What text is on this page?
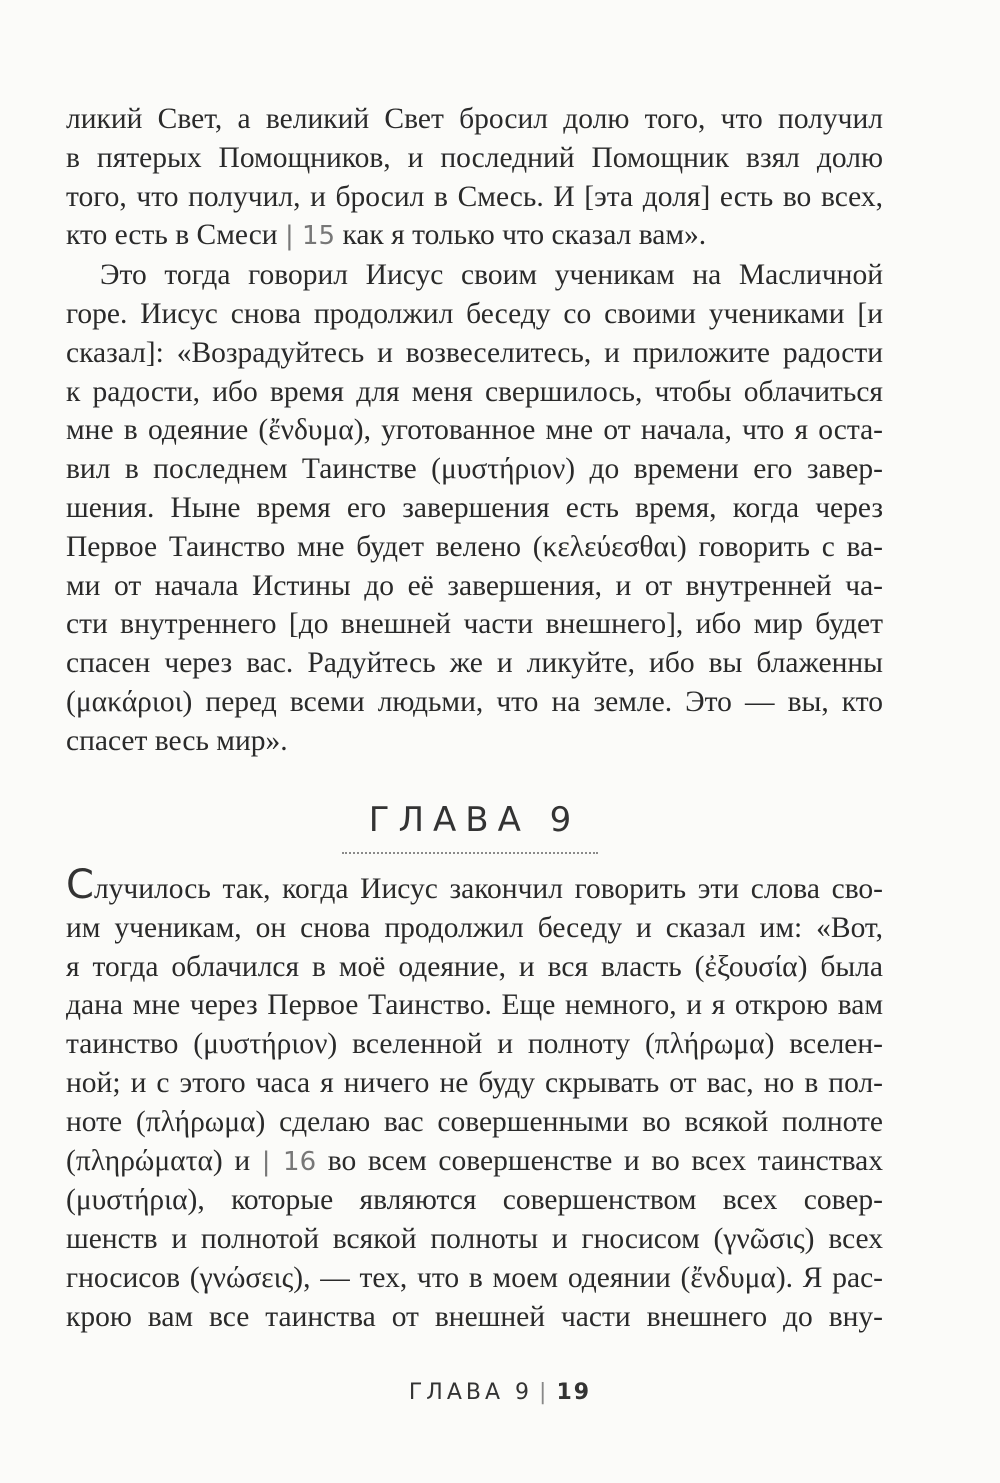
ликий Свет, а великий Свет бросил долю того, что получил
в пятерых Помощников, и последний Помощник взял долю
того, что получил, и бросил в Смесь. И [эта доля] есть во всех,
кто есть в Смеси | 15 как я только что сказал вам».

Это тогда говорил Иисус своим ученикам на Масличной
горе. Иисус снова продолжил беседу со своими учениками [и
сказал]: «Возрадуйтесь и возвеселитесь, и приложите радости
к радости, ибо время для меня свершилось, чтобы облачиться
мне в одеяние (ἔνδυμα), уготованное мне от начала, что я оста-
вил в последнем Таинстве (μυστήριον) до времени его завер-
шения. Ныне время его завершения есть время, когда через
Первое Таинство мне будет велено (κελεύεσθαι) говорить с ва-
ми от начала Истины до её завершения, и от внутренней ча-
сти внутреннего [до внешней части внешнего], ибо мир будет
спасен через вас. Радуйтесь же и ликуйте, ибо вы блаженны
(μακάριοι) перед всеми людьми, что на земле. Это — вы, кто
спасет весь мир».

ГЛАВА 9

Случилось так, когда Иисус закончил говорить эти слова сво-
им ученикам, он снова продолжил беседу и сказал им: «Вот,
я тогда облачился в моё одеяние, и вся власть (ἐξουσία) была
дана мне через Первое Таинство. Еще немного, и я открою вам
таинство (μυστήριον) вселенной и полноту (πλήρωμα) вселен-
ной; и с этого часа я ничего не буду скрывать от вас, но в пол-
ноте (πλήρωμα) сделаю вас совершенными во всякой полноте
(πληρώματα) и | 16 во всем совершенстве и во всех таинствах
(μυστήρια), которые являются совершенством всех совер-
шенств и полнотой всякой полноты и гносисом (γνῶσις) всех
гносисов (γνώσεις), — тех, что в моем одеянии (ἔνδυμα). Я рас-
крою вам все таинства от внешней части внешнего до вну-

ГЛАВА 9 | 19
